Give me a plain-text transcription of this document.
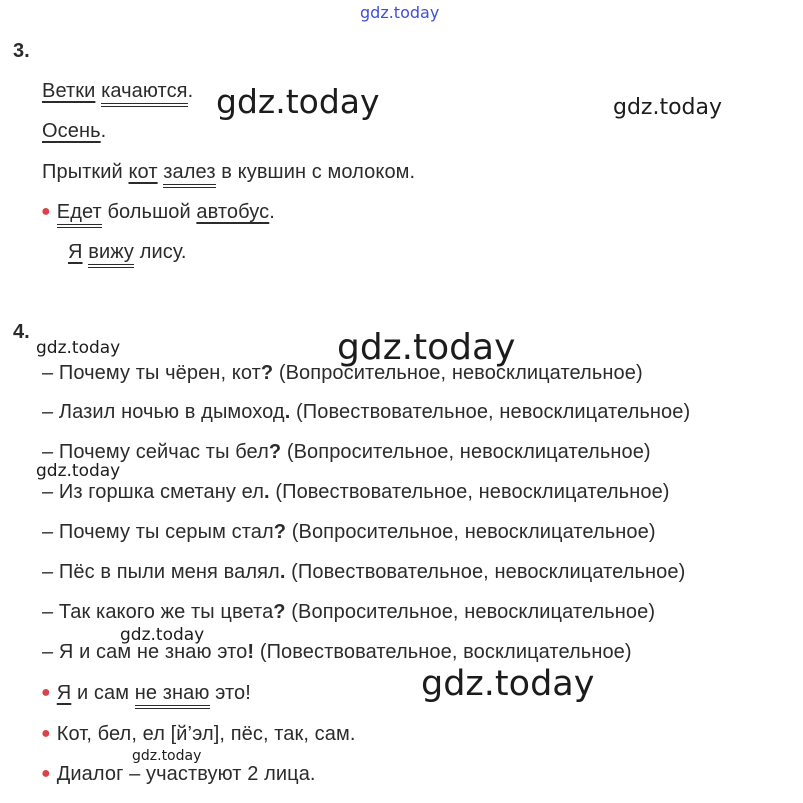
gdz.today
gdz.today	gdz.today
gdz.today
gdz.today
gdz.today
gdz.today
gdz.today
gdz.today
3.
Ветки качаются.
Осень.
Прыткий кот залез в кувшин с молоком.
● Едет большой автобус.
Я вижу лису.
4.
– Почему ты чёрен, кот? (Вопросительное, невосклицательное)
– Лазил ночью в дымоход. (Повествовательное, невосклицательное)
– Почему сейчас ты бел? (Вопросительное, невосклицательное)
– Из горшка сметану ел. (Повествовательное, невосклицательное)
– Почему ты серым стал? (Вопросительное, невосклицательное)
– Пёс в пыли меня валял. (Повествовательное, невосклицательное)
– Так какого же ты цвета? (Вопросительное, невосклицательное)
– Я и сам не знаю это! (Повествовательное, восклицательное)
● Я и сам не знаю это!
● Кот, бел, ел [й’эл], пёс, так, сам.
● Диалог – участвуют 2 лица.
